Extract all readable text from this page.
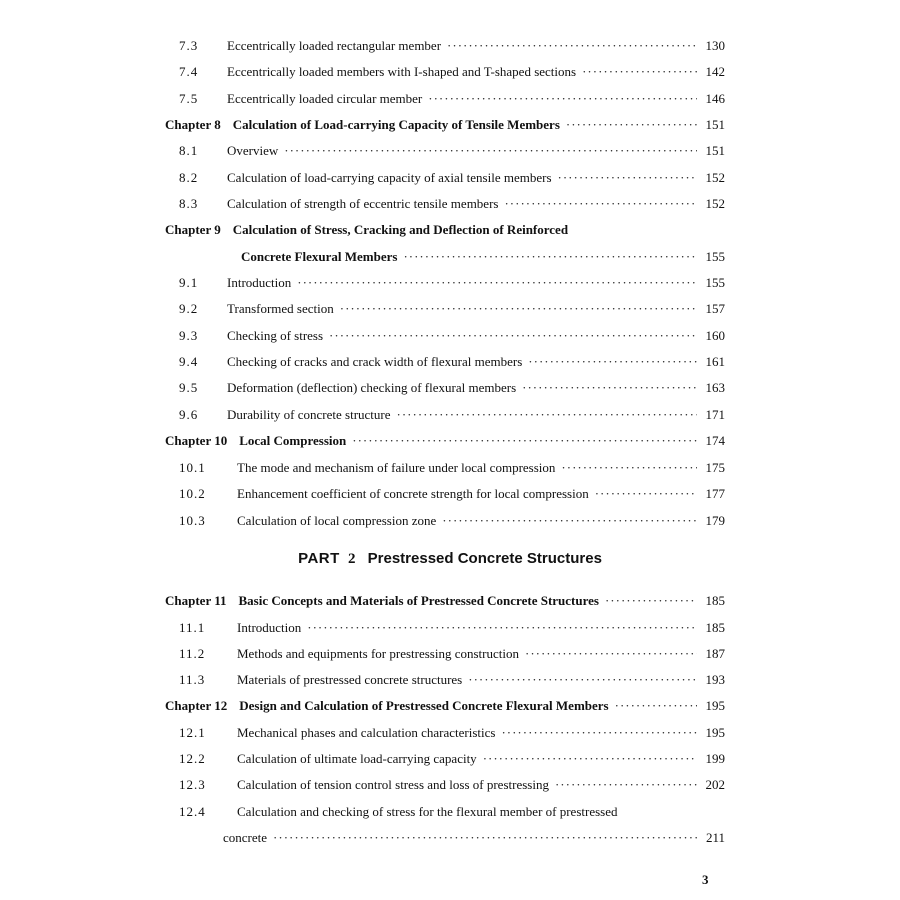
7.3	Eccentrically loaded rectangular member ·····	130
7.4	Eccentrically loaded members with I-shaped and T-shaped sections ·····	142
7.5	Eccentrically loaded circular member ·····	146
Chapter 8 Calculation of Load-carrying Capacity of Tensile Members ·····	151
8.1	Overview ·····	151
8.2	Calculation of load-carrying capacity of axial tensile members ·····	152
8.3	Calculation of strength of eccentric tensile members ·····	152
Chapter 9 Calculation of Stress, Cracking and Deflection of Reinforced
Concrete Flexural Members ·····	155
9.1	Introduction ·····	155
9.2	Transformed section ·····	157
9.3	Checking of stress ·····	160
9.4	Checking of cracks and crack width of flexural members ·····	161
9.5	Deformation (deflection) checking of flexural members ·····	163
9.6	Durability of concrete structure ·····	171
Chapter 10 Local Compression ·····	174
10.1	The mode and mechanism of failure under local compression ·····	175
10.2	Enhancement coefficient of concrete strength for local compression ·····	177
10.3	Calculation of local compression zone ·····	179
PART 2 Prestressed Concrete Structures
Chapter 11 Basic Concepts and Materials of Prestressed Concrete Structures ·····	185
11.1	Introduction ·····	185
11.2	Methods and equipments for prestressing construction ·····	187
11.3	Materials of prestressed concrete structures ·····	193
Chapter 12 Design and Calculation of Prestressed Concrete Flexural Members ·····	195
12.1	Mechanical phases and calculation characteristics ·····	195
12.2	Calculation of ultimate load-carrying capacity ·····	199
12.3	Calculation of tension control stress and loss of prestressing ·····	202
12.4	Calculation and checking of stress for the flexural member of prestressed
concrete ·····	211
3
